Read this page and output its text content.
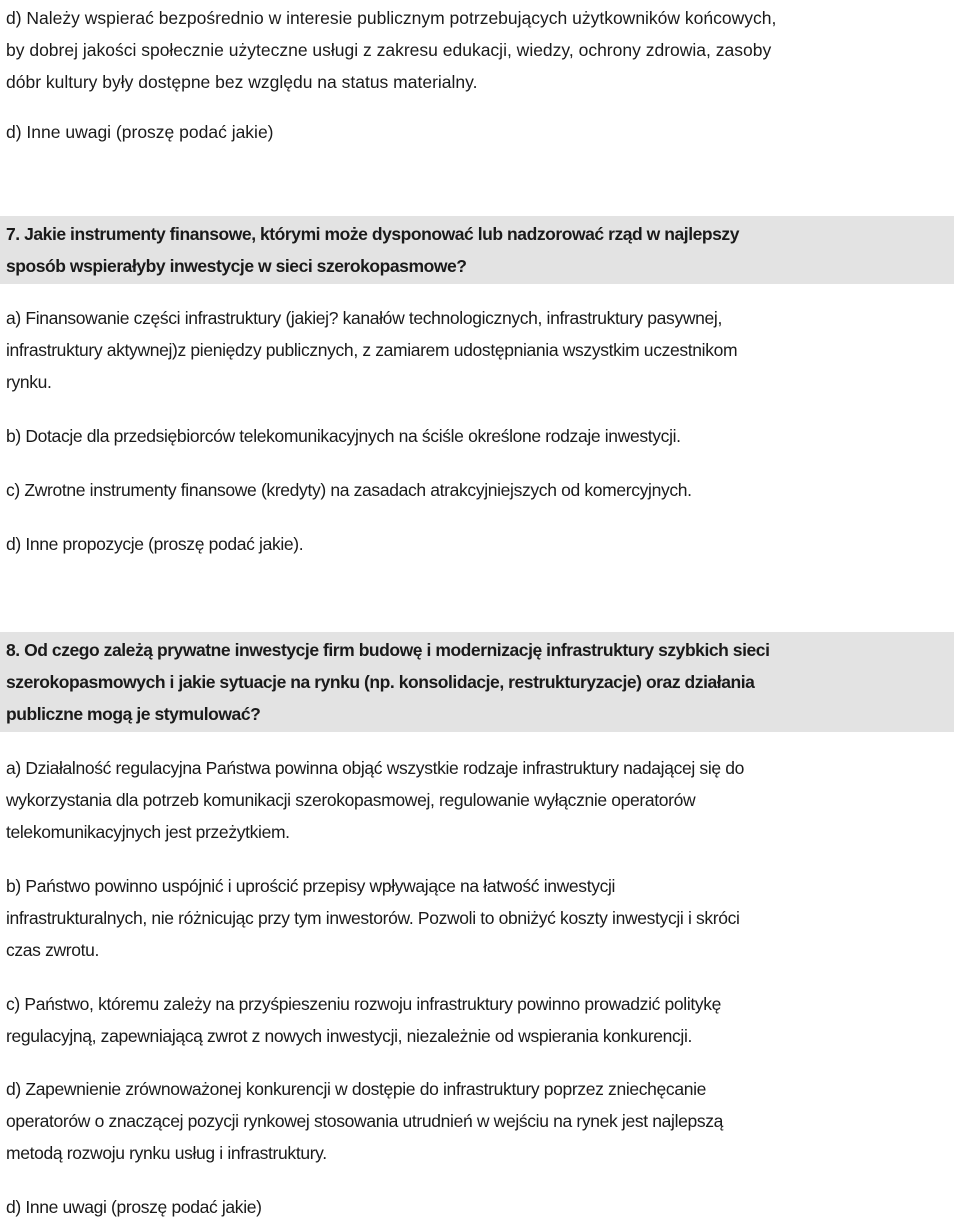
d) Należy wspierać bezpośrednio w interesie publicznym potrzebujących użytkowników końcowych,
by dobrej jakości społecznie użyteczne usługi z zakresu edukacji, wiedzy, ochrony zdrowia, zasoby
dóbr kultury były dostępne bez względu na status materialny.
d) Inne uwagi (proszę podać jakie)
7. Jakie instrumenty finansowe, którymi może dysponować lub nadzorować rząd w najlepszy
sposób wspierałyby inwestycje w sieci szerokopasmowe?
a) Finansowanie części infrastruktury (jakiej? kanałów technologicznych, infrastruktury pasywnej,
infrastruktury aktywnej)z pieniędzy publicznych, z zamiarem udostępniania wszystkim uczestnikom
rynku.
b) Dotacje dla przedsiębiorców telekomunikacyjnych na ściśle określone rodzaje inwestycji.
c) Zwrotne instrumenty finansowe (kredyty) na zasadach atrakcyjniejszych od komercyjnych.
d) Inne propozycje (proszę podać jakie).
8. Od czego zależą prywatne inwestycje firm budowę i modernizację infrastruktury szybkich sieci
szerokopasmowych i jakie sytuacje na rynku (np. konsolidacje, restrukturyzacje) oraz działania
publiczne mogą je stymulować?
a) Działalność regulacyjna Państwa powinna objąć wszystkie rodzaje infrastruktury nadającej się do
wykorzystania dla potrzeb komunikacji szerokopasmowej, regulowanie wyłącznie operatorów
telekomunikacyjnych jest przeżytkiem.
b) Państwo powinno uspójnić i uprościć przepisy wpływające na łatwość inwestycji
infrastrukturalnych, nie różnicując przy tym inwestorów. Pozwoli to obniżyć koszty inwestycji i skróci
czas zwrotu.
c) Państwo, któremu zależy na przyśpieszeniu rozwoju infrastruktury powinno prowadzić politykę
regulacyjną, zapewniającą zwrot z nowych inwestycji, niezależnie od wspierania konkurencji.
d) Zapewnienie zrównoważonej konkurencji w dostępie do infrastruktury poprzez zniechęcanie
operatorów o znaczącej pozycji rynkowej stosowania utrudnień w wejściu na rynek jest najlepszą
metodą rozwoju rynku usług i infrastruktury.
d) Inne uwagi (proszę podać jakie)
